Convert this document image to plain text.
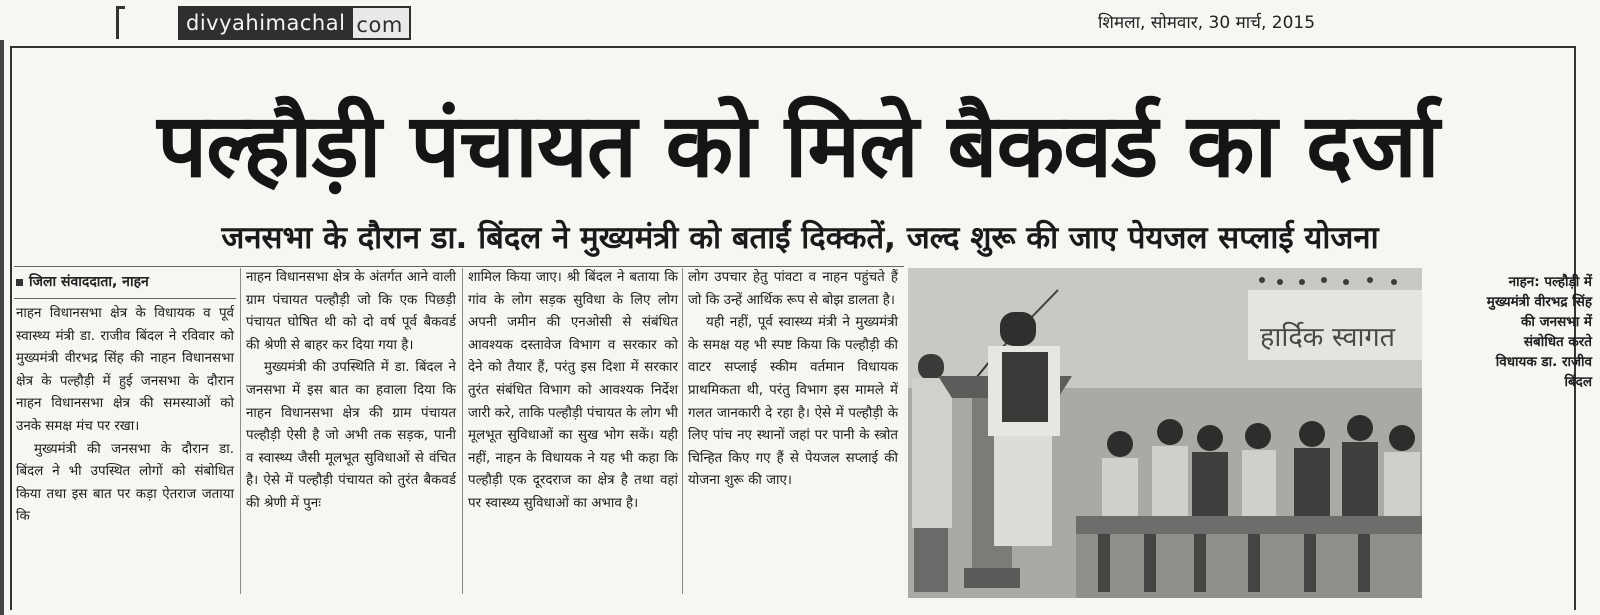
divyahimachal com	शिमला, सोमवार, 30 मार्च, 2015
पल्हौड़ी पंचायत को मिले बैकवर्ड का दर्जा
जनसभा के दौरान डा. बिंदल ने मुख्यमंत्री को बताईं दिक्कतें, जल्द शुरू की जाए पेयजल सप्लाई योजना
जिला संवाददाता, नाहन

नाहन विधानसभा क्षेत्र के विधायक व पूर्व स्वास्थ्य मंत्री डा. राजीव बिंदल ने रविवार को मुख्यमंत्री वीरभद्र सिंह की नाहन विधानसभा क्षेत्र के पल्हौड़ी में हुई जनसभा के दौरान नाहन विधानसभा क्षेत्र की समस्याओं को उनके समक्ष मंच पर रखा।

मुख्यमंत्री की जनसभा के दौरान डा. बिंदल ने भी उपस्थित लोगों को संबोधित किया तथा इस बात पर कड़ा ऐतराज जताया कि

नाहन विधानसभा क्षेत्र के अंतर्गत आने वाली ग्राम पंचायत पल्हौड़ी जो कि एक पिछड़ी पंचायत घोषित थी को दो वर्ष पूर्व बैकवर्ड की श्रेणी से बाहर कर दिया गया है।

मुख्यमंत्री की उपस्थिति में डा. बिंदल ने जनसभा में इस बात का हवाला दिया कि नाहन विधानसभा क्षेत्र की ग्राम पंचायत पल्हौड़ी ऐसी है जो अभी तक सड़क, पानी व स्वास्थ्य जैसी मूलभूत सुविधाओं से वंचित है। ऐसे में पल्हौड़ी पंचायत को तुरंत बैकवर्ड की श्रेणी में पुनः

शामिल किया जाए। श्री बिंदल ने बताया कि गांव के लोग सड़क सुविधा के लिए लोग अपनी जमीन की एनओसी से संबंधित आवश्यक दस्तावेज विभाग व सरकार को देने को तैयार हैं, परंतु इस दिशा में सरकार तुरंत संबंधित विभाग को आवश्यक निर्देश जारी करे, ताकि पल्हौड़ी पंचायत के लोग भी मूलभूत सुविधाओं का सुख भोग सकें। यही नहीं, नाहन के विधायक ने यह भी कहा कि पल्हौड़ी एक दूरदराज का क्षेत्र है तथा वहां पर स्वास्थ्य सुविधाओं का अभाव है।

लोग उपचार हेतु पांवटा व नाहन पहुंचते हैं जो कि उन्हें आर्थिक रूप से बोझ डालता है।

यही नहीं, पूर्व स्वास्थ्य मंत्री ने मुख्यमंत्री के समक्ष यह भी स्पष्ट किया कि पल्हौड़ी की वाटर सप्लाई स्कीम वर्तमान विधायक प्राथमिकता थी, परंतु विभाग इस मामले में गलत जानकारी दे रहा है। ऐसे में पल्हौड़ी के लिए पांच नए स्थानों जहां पर पानी के स्त्रोत चिन्हित किए गए हैं से पेयजल सप्लाई की योजना शुरू की जाए।

हार्दिक स्वागत

नाहन: पल्हौड़ी में

मुख्यमंत्री वीरभद्र सिंह

की जनसभा में

संबोधित करते

विधायक डा. राजीव

बिंदल
